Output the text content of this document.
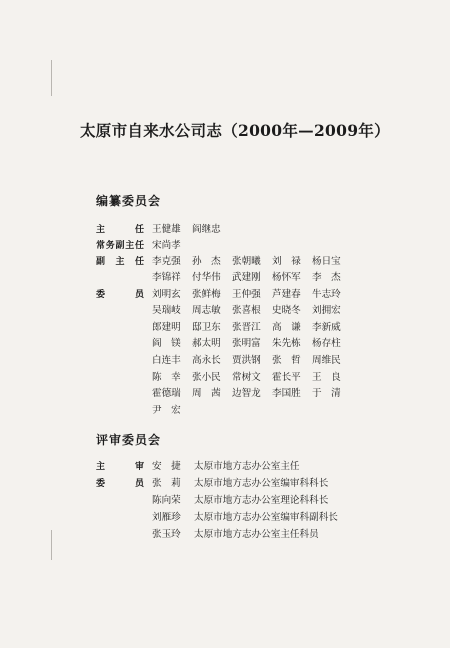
太原市自来水公司志（2000年—2009年）
编纂委员会
主　任 王健雄	阎继忠
常务副主任 宋尚孝
副主任 李克强	孙　杰	张朝曦	刘　禄	杨日宝
李锦祥	付华伟	武建刚	杨怀军	李　杰
委　员 刘明玄	张鲜梅	王仲强	芦建春	牛志玲
吴瑞岐	周志敏	张喜根	史晓冬	刘拥宏
郎建明	邸卫东	张晋江	高　谦	李新威
阎　镁	郝太明	张明富	朱先栋	杨存柱
白连丰	高永长	贾洪钢	张　哲	周维民
陈　幸	张小民	常树文	霍长平	王　良
霍德瑞	周　茜	边智龙	李国胜	于　清
尹　宏
评审委员会
主　审 安　捷	太原市地方志办公室主任
委　员 张　莉	太原市地方志办公室编审科科长
陈向荣	太原市地方志办公室理论科科长
刘雁珍	太原市地方志办公室编审科副科长
张玉玲	太原市地方志办公室主任科员
